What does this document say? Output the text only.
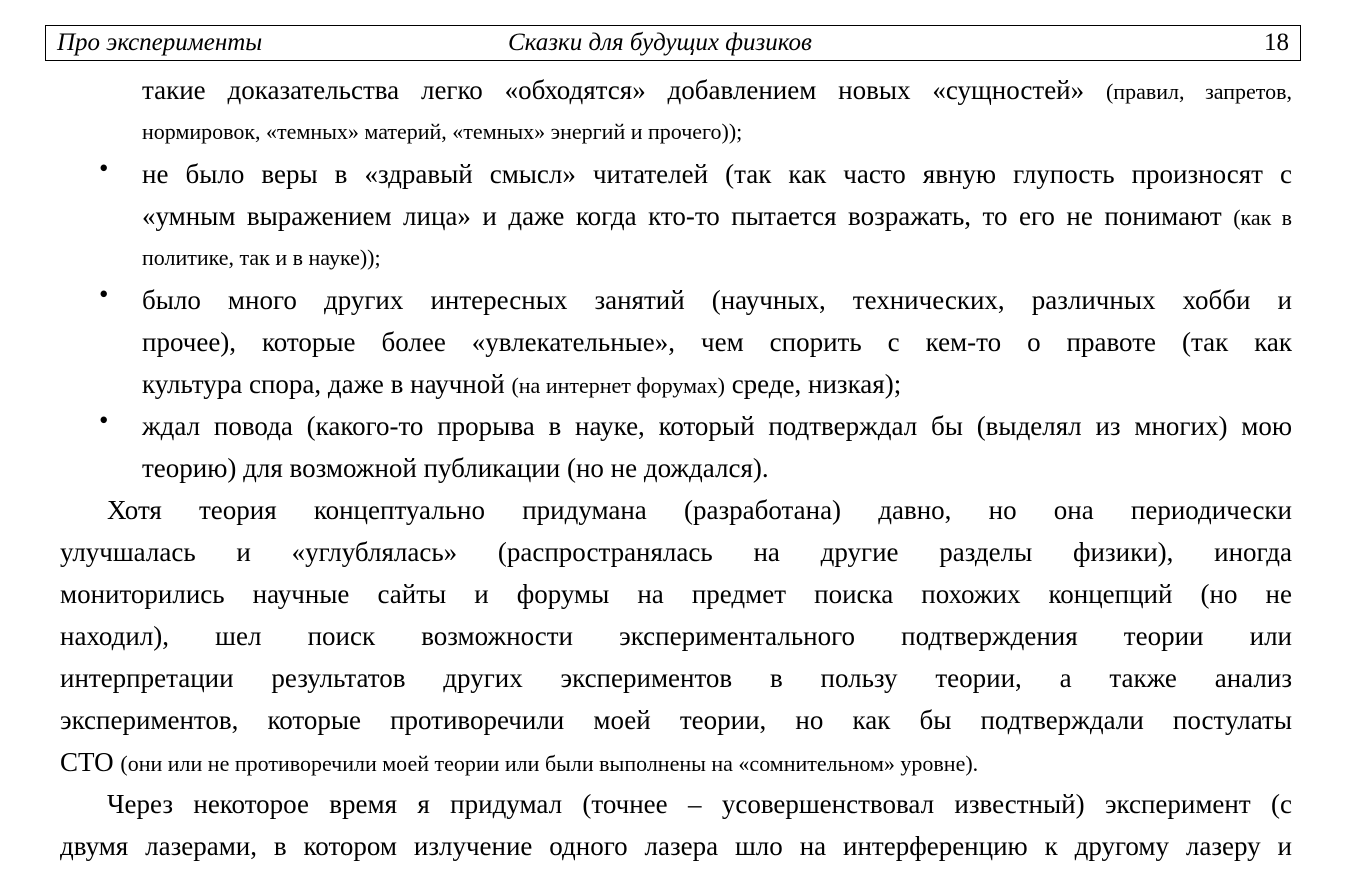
Про эксперименты	Сказки для будущих физиков	18
такие доказательства легко «обходятся» добавлением новых «сущностей» (правил, запретов,
нормировок, «темных» материй, «темных» энергий и прочего));
не было веры в «здравый смысл» читателей (так как часто явную глупость произносят с
«умным выражением лица» и даже когда кто-то пытается возражать, то его не понимают (как в
политике, так и в науке));
•
было много других интересных занятий (научных, технических, различных хобби и
прочее), которые более «увлекательные», чем спорить с кем-то о правоте (так как
культура спора, даже в научной (на интернет форумах) среде, низкая);
•
ждал повода (какого-то прорыва в науке, который подтверждал бы (выделял из многих) мою
теорию) для возможной публикации (но не дождался).
•
Хотя теория концептуально придумана (разработана) давно, но она периодически
улучшалась и «углублялась» (распространялась на другие разделы физики), иногда
мониторились научные сайты и форумы на предмет поиска похожих концепций (но не
находил), шел поиск возможности экспериментального подтверждения теории или
интерпретации результатов других экспериментов в пользу теории, а также анализ
экспериментов, которые противоречили моей теории, но как бы подтверждали постулаты
СТО (они или не противоречили моей теории или были выполнены на «сомнительном» уровне).
Через некоторое время я придумал (точнее – усовершенствовал известный) эксперимент (с
двумя лазерами, в котором излучение одного лазера шло на интерференцию к другому лазеру и
